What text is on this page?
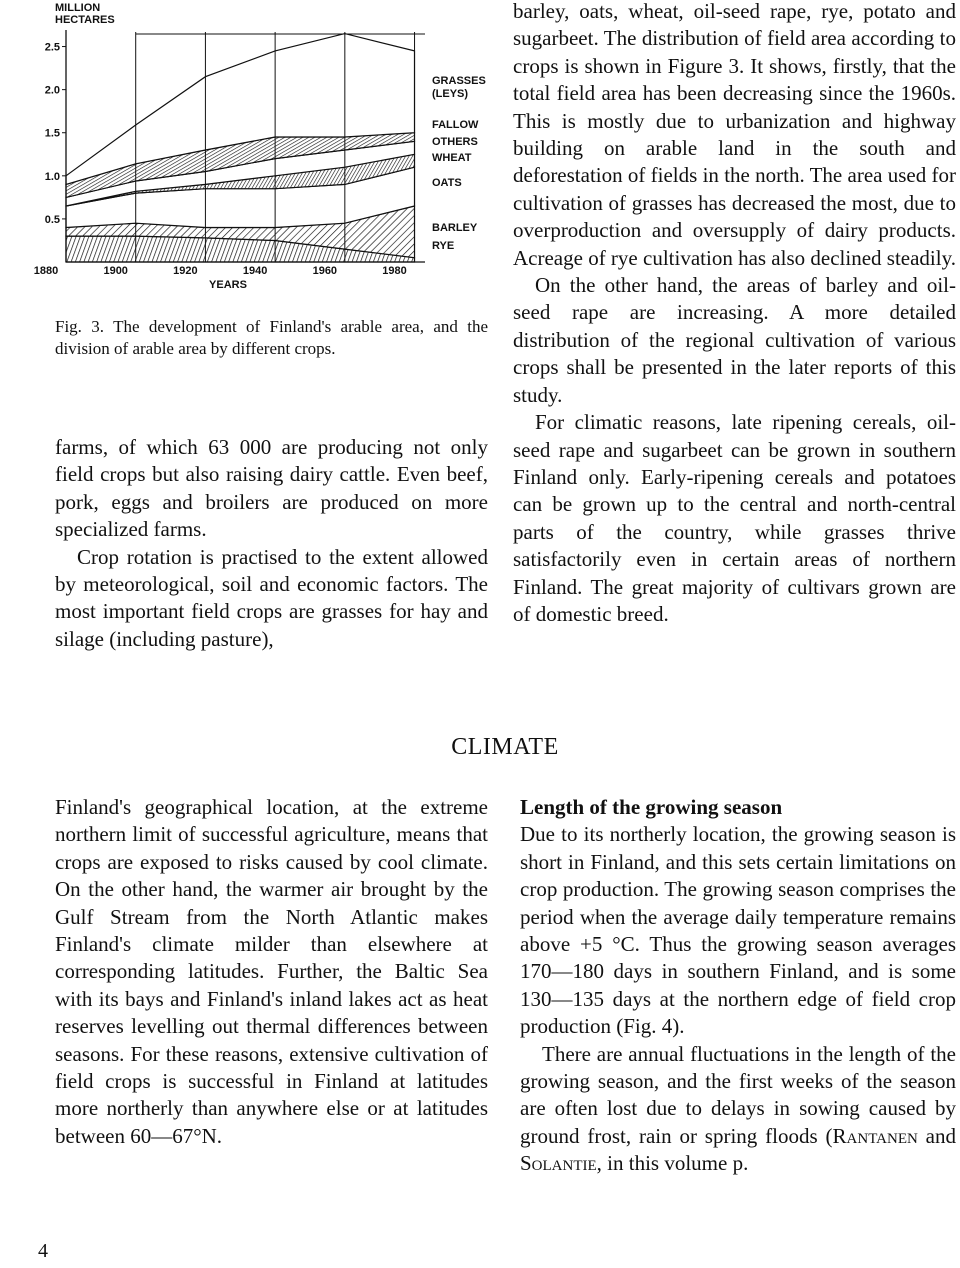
1880	1900	1920	1940	1960	1980
2.5
2.0
1.5
1.0
0.5
MILLION HECTARES
YEARS
RYE
BARLEY
OATS
WHEAT
OTHERS
FALLOW
GRASSES (LEYS)
Fig. 3. The development of Finland's arable area, and the division of arable area by different crops.

farms, of which 63 000 are producing not only field crops but also raising dairy cattle. Even beef, pork, eggs and broilers are produced on more specialized farms.

Crop rotation is practised to the extent allowed by meteorological, soil and economic factors. The most important field crops are grasses for hay and silage (including pasture),

barley, oats, wheat, oil-seed rape, rye, potato and sugarbeet. The distribution of field area according to crops is shown in Figure 3. It shows, firstly, that the total field area has been decreasing since the 1960s. This is mostly due to urbanization and highway building on arable land in the south and deforestation of fields in the north. The area used for cultivation of grasses has decreased the most, due to overproduction and oversupply of dairy products. Acreage of rye cultivation has also declined steadily.

On the other hand, the areas of barley and oil-seed rape are increasing. A more detailed distribution of the regional cultivation of various crops shall be presented in the later reports of this study.

For climatic reasons, late ripening cereals, oil-seed rape and sugarbeet can be grown in southern Finland only. Early-ripening cereals and potatoes can be grown up to the central and north-central parts of the country, while grasses thrive satisfactorily even in certain areas of northern Finland. The great majority of cultivars grown are of domestic breed.

CLIMATE

Finland's geographical location, at the extreme northern limit of successful agriculture, means that crops are exposed to risks caused by cool climate. On the other hand, the warmer air brought by the Gulf Stream from the North Atlantic makes Finland's climate milder than elsewhere at corresponding latitudes. Further, the Baltic Sea with its bays and Finland's inland lakes act as heat reserves levelling out thermal differences between seasons. For these reasons, extensive cultivation of field crops is successful in Finland at latitudes more northerly than anywhere else or at latitudes between 60—67°N.

Length of the growing season

Due to its northerly location, the growing season is short in Finland, and this sets certain limitations on crop production. The growing season comprises the period when the average daily temperature remains above +5 °C. Thus the growing season averages 170—180 days in southern Finland, and is some 130—135 days at the northern edge of field crop production (Fig. 4).

There are annual fluctuations in the length of the growing season, and the first weeks of the season are often lost due to delays in sowing caused by ground frost, rain or spring floods (Rantanen and Solantie, in this volume p.

4
